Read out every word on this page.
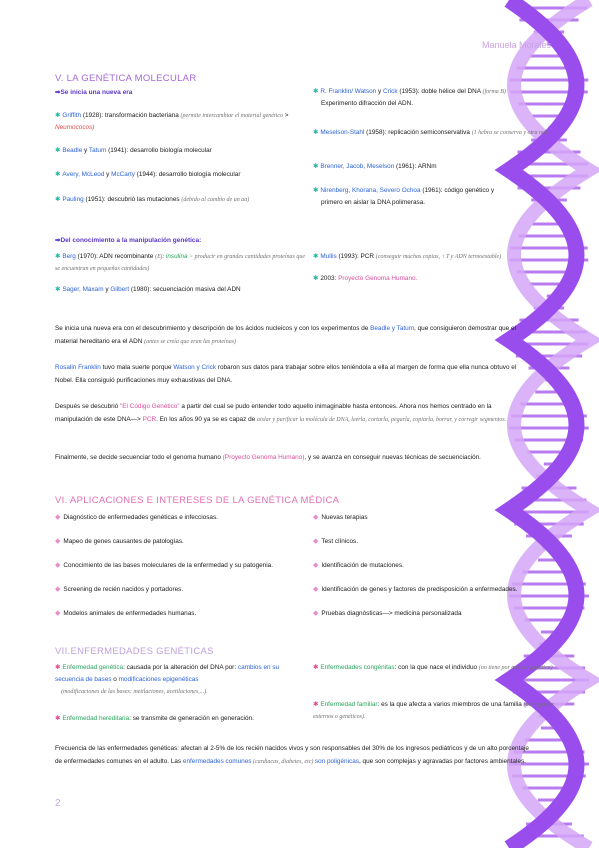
Manuela Morales
V. LA GENÉTICA MOLECULAR
➡Se inicia una nueva era
✱ Griffith (1928): transformación bacteriana (permite intercambiar el material genético > Neumococos)
✱ Beadle y Tatum (1941): desarrollo biología molecular
✱ Avery, McLeod y McCarty (1944): desarrollo biología molecular
✱ Pauling (1951): descubrió las mutaciones (debido al cambio de un aa)
✱ R. Franklin/ Watson y Crick (1953): doble hélice del DNA (forma B)
Experimento difracción del ADN.
✱ Meselson-Stahl (1958): replicación semiconservativa (1 hebra se conserva y otra no)
✱ Brenner, Jacob, Meselson (1961): ARNm
✱ Nirenberg, Khorana, Severo Ochoa (1961): código genético y
primero en aislar la DNA polimerasa.
➡Del conocimiento a la manipulación genética:
✱ Berg (1970): ADN recombinante (Ej: insulina > producir en grandes cantidades proteínas que se encuentran en pequeñas cantidades)
✱ Sager, Maxam y Gilbert (1980): secuenciación masiva del ADN
✱ Mullis (1993): PCR (conseguir muchas copias, ↑ T y ADN termoestable)
✱ 2003: Proyecto Genoma Humano.
Se inicia una nueva era con el descubrimiento y descripción de los ácidos nucleicos y con los experimentos de Beadle y Tatum, que consiguieron demostrar que el material hereditario era el ADN (antes se creía que eran las proteínas)
Rosalin Franklin tuvo mala suerte porque Watson y Crick robaron sus datos para trabajar sobre ellos teniéndola a ella al margen de forma que ella nunca obtuvo el Nobel. Ella consiguió purificaciones muy exhaustivas del DNA.
Después se descubrió "El Código Genético" a partir del cual se pudo entender todo aquello inimaginable hasta entonces. Ahora nos hemos centrado en la manipulación de este DNA—> PCR. En los años 90 ya se es capaz de aislar y purificar la molécula de DNA, leerla, cortarla, pegarla, copiarla, borrar, y corregir segmentos.
Finalmente, se decide secuenciar todo el genoma humano (Proyecto Genoma Humano), y se avanza en conseguir nuevas técnicas de secuenciación.
VI. APLICACIONES E INTERESES DE LA GENÉTICA MÉDICA
◆ Diagnóstico de enfermedades genéticas e infecciosas.
◆ Mapeo de genes causantes de patologías.
◆ Conocimiento de las bases moleculares de la enfermedad y su patogenia.
◆ Screening de recién nacidos y portadores.
◆ Modelos animales de enfermedades humanas.
◆ Nuevas terapias
◆ Test clínicos.
◆ Identificación de mutaciones.
◆ Identificación de genes y factores de predisposición a enfermedades.
◆ Pruebas diagnósticas—> medicina personalizada
VII.ENFERMEDADES GENÉTICAS
✱ Enfermedad genética: causada por la alteración del DNA por: cambios en su secuencia de bases o modificaciones epigenéticas
(modificaciones de las bases: metilaciones, acetilaciones,...).
✱ Enfermedad hereditaria: se transmite de generación en generación.
✱ Enfermedades congénitas: con la que nace el individuo (no tiene por qué ser genética)
✱ Enfermedad familiar: es la que afecta a varios miembros de una familia (por agentes externos o genéticos).
Frecuencia de las enfermedades genéticas: afectan al 2-5% de los recién nacidos vivos y son responsables del 30% de los ingresos pediátricos y de un alto porcentaje de enfermedades comunes en el adulto. Las enfermedades comunes (cardiacas, diabetes, etc) son poligénicas, que son complejas y agravadas por factores ambientales.
2
